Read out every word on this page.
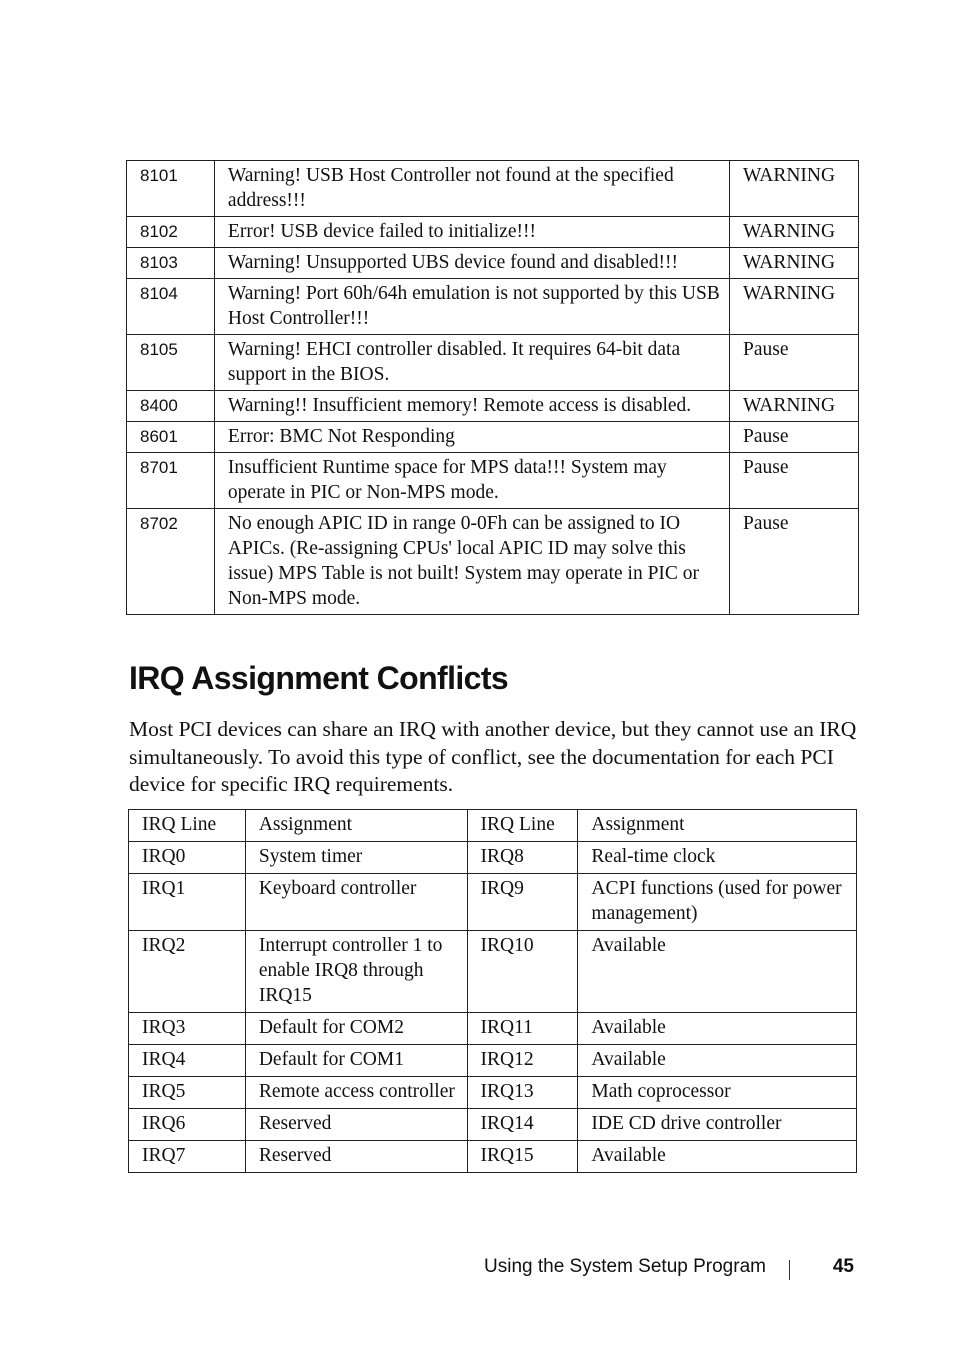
8101	Warning! USB Host Controller not found at the specified address!!!	WARNING
8102	Error! USB device failed to initialize!!!	WARNING
8103	Warning! Unsupported UBS device found and disabled!!!	WARNING
8104	Warning! Port 60h/64h emulation is not supported by this USB Host Controller!!!	WARNING
8105	Warning! EHCI controller disabled. It requires 64-bit data support in the BIOS.	Pause
8400	Warning!! Insufficient memory! Remote access is disabled.	WARNING
8601	Error: BMC Not Responding	Pause
8701	Insufficient Runtime space for MPS data!!! System may operate in PIC or Non-MPS mode.	Pause
8702	No enough APIC ID in range 0-0Fh can be assigned to IO APICs. (Re-assigning CPUs' local APIC ID may solve this issue) MPS Table is not built! System may operate in PIC or Non-MPS mode.	Pause
IRQ Assignment Conflicts

Most PCI devices can share an IRQ with another device, but they cannot use an IRQ simultaneously. To avoid this type of conflict, see the documentation for each PCI device for specific IRQ requirements.

IRQ Line	Assignment	IRQ Line	Assignment
IRQ0	System timer	IRQ8	Real-time clock
IRQ1	Keyboard controller	IRQ9	ACPI functions (used for power management)
IRQ2	Interrupt controller 1 to enable IRQ8 through IRQ15	IRQ10	Available
IRQ3	Default for COM2	IRQ11	Available
IRQ4	Default for COM1	IRQ12	Available
IRQ5	Remote access controller	IRQ13	Math coprocessor
IRQ6	Reserved	IRQ14	IDE CD drive controller
IRQ7	Reserved	IRQ15	Available
Using the System Setup Program	45
